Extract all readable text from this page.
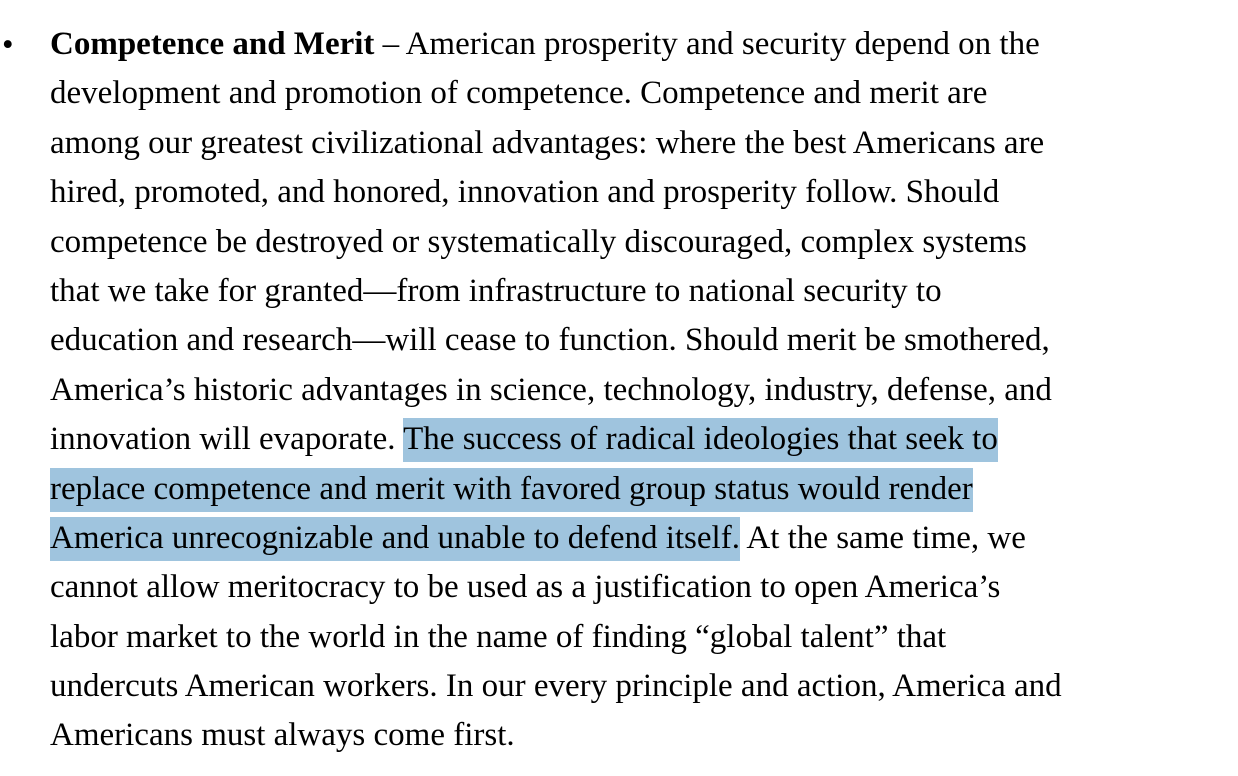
• Competence and Merit – American prosperity and security depend on the
development and promotion of competence. Competence and merit are
among our greatest civilizational advantages: where the best Americans are
hired, promoted, and honored, innovation and prosperity follow. Should
competence be destroyed or systematically discouraged, complex systems
that we take for granted—from infrastructure to national security to
education and research—will cease to function. Should merit be smothered,
America’s historic advantages in science, technology, industry, defense, and
innovation will evaporate. The success of radical ideologies that seek to
replace competence and merit with favored group status would render
America unrecognizable and unable to defend itself. At the same time, we
cannot allow meritocracy to be used as a justification to open America’s
labor market to the world in the name of finding “global talent” that
undercuts American workers. In our every principle and action, America and
Americans must always come first.
